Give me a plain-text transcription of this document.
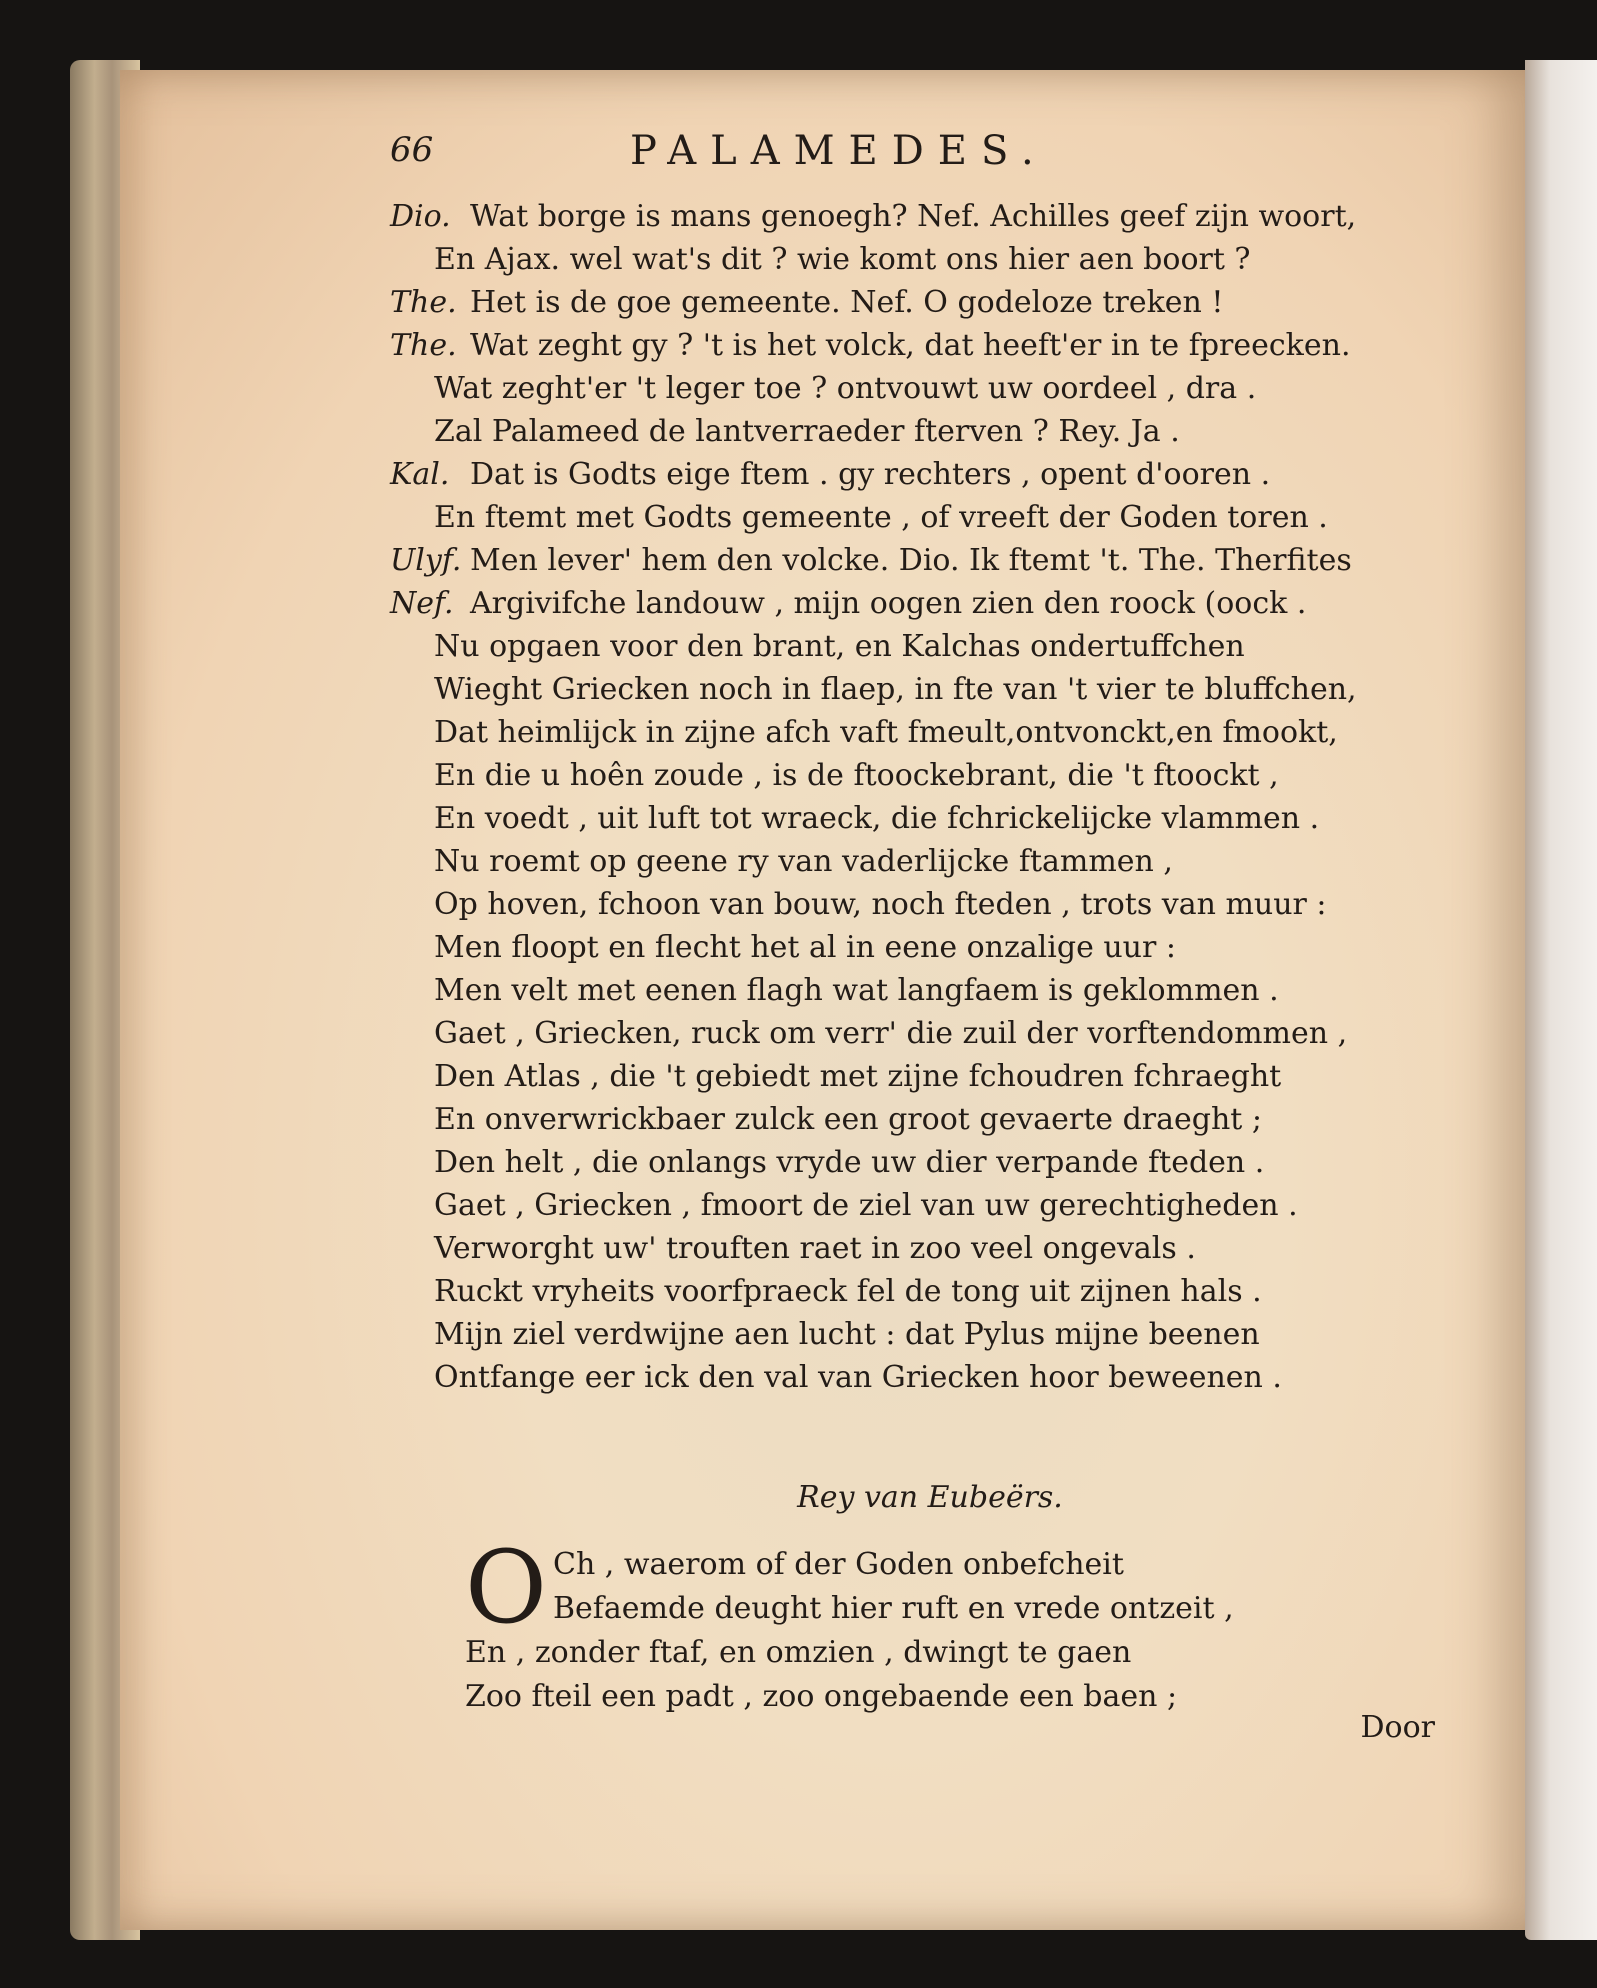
66	PALAMEDES.
Dio. Wat borge is mans genoegh? Nef. Achilles geef zijn woort,
En Ajax. wel wat's dit ? wie komt ons hier aen boort ?
The. Het is de goe gemeente. Nef. O godeloze treken !
The. Wat zeght gy ? 't is het volck, dat heeft'er in te fpreecken.
Wat zeght'er 't leger toe ? ontvouwt uw oordeel , dra .
Zal Palameed de lantverraeder fterven ? Rey. Ja .
Kal. Dat is Godts eige ftem . gy rechters , opent d'ooren .
En ftemt met Godts gemeente , of vreeft der Goden toren .
Ulyf. Men lever' hem den volcke. Dio. Ik ftemt 't. The. Therfites
Nef. Argivifche landouw , mijn oogen zien den roock (oock .
Nu opgaen voor den brant, en Kalchas ondertuffchen
Wieght Griecken noch in flaep, in fte van 't vier te bluffchen,
Dat heimlijck in zijne afch vaft fmeult,ontvonckt,en fmookt,
En die u hoên zoude , is de ftoockebrant, die 't ftoockt ,
En voedt , uit luft tot wraeck, die fchrickelijcke vlammen .
Nu roemt op geene ry van vaderlijcke ftammen ,
Op hoven, fchoon van bouw, noch fteden , trots van muur :
Men floopt en flecht het al in eene onzalige uur :
Men velt met eenen flagh wat langfaem is geklommen .
Gaet , Griecken, ruck om verr' die zuil der vorftendommen ,
Den Atlas , die 't gebiedt met zijne fchoudren fchraeght
En onverwrickbaer zulck een groot gevaerte draeght ;
Den helt , die onlangs vryde uw dier verpande fteden .
Gaet , Griecken , fmoort de ziel van uw gerechtigheden .
Verworght uw' trouften raet in zoo veel ongevals .
Ruckt vryheits voorfpraeck fel de tong uit zijnen hals .
Mijn ziel verdwijne aen lucht : dat Pylus mijne beenen
Ontfange eer ick den val van Griecken hoor beweenen .
Rey van Eubeërs.
O Ch , waerom of der Goden onbefcheit
Befaemde deught hier ruft en vrede ontzeit ,
En , zonder ftaf, en omzien , dwingt te gaen
Zoo fteil een padt , zoo ongebaende een baen ;
Door
